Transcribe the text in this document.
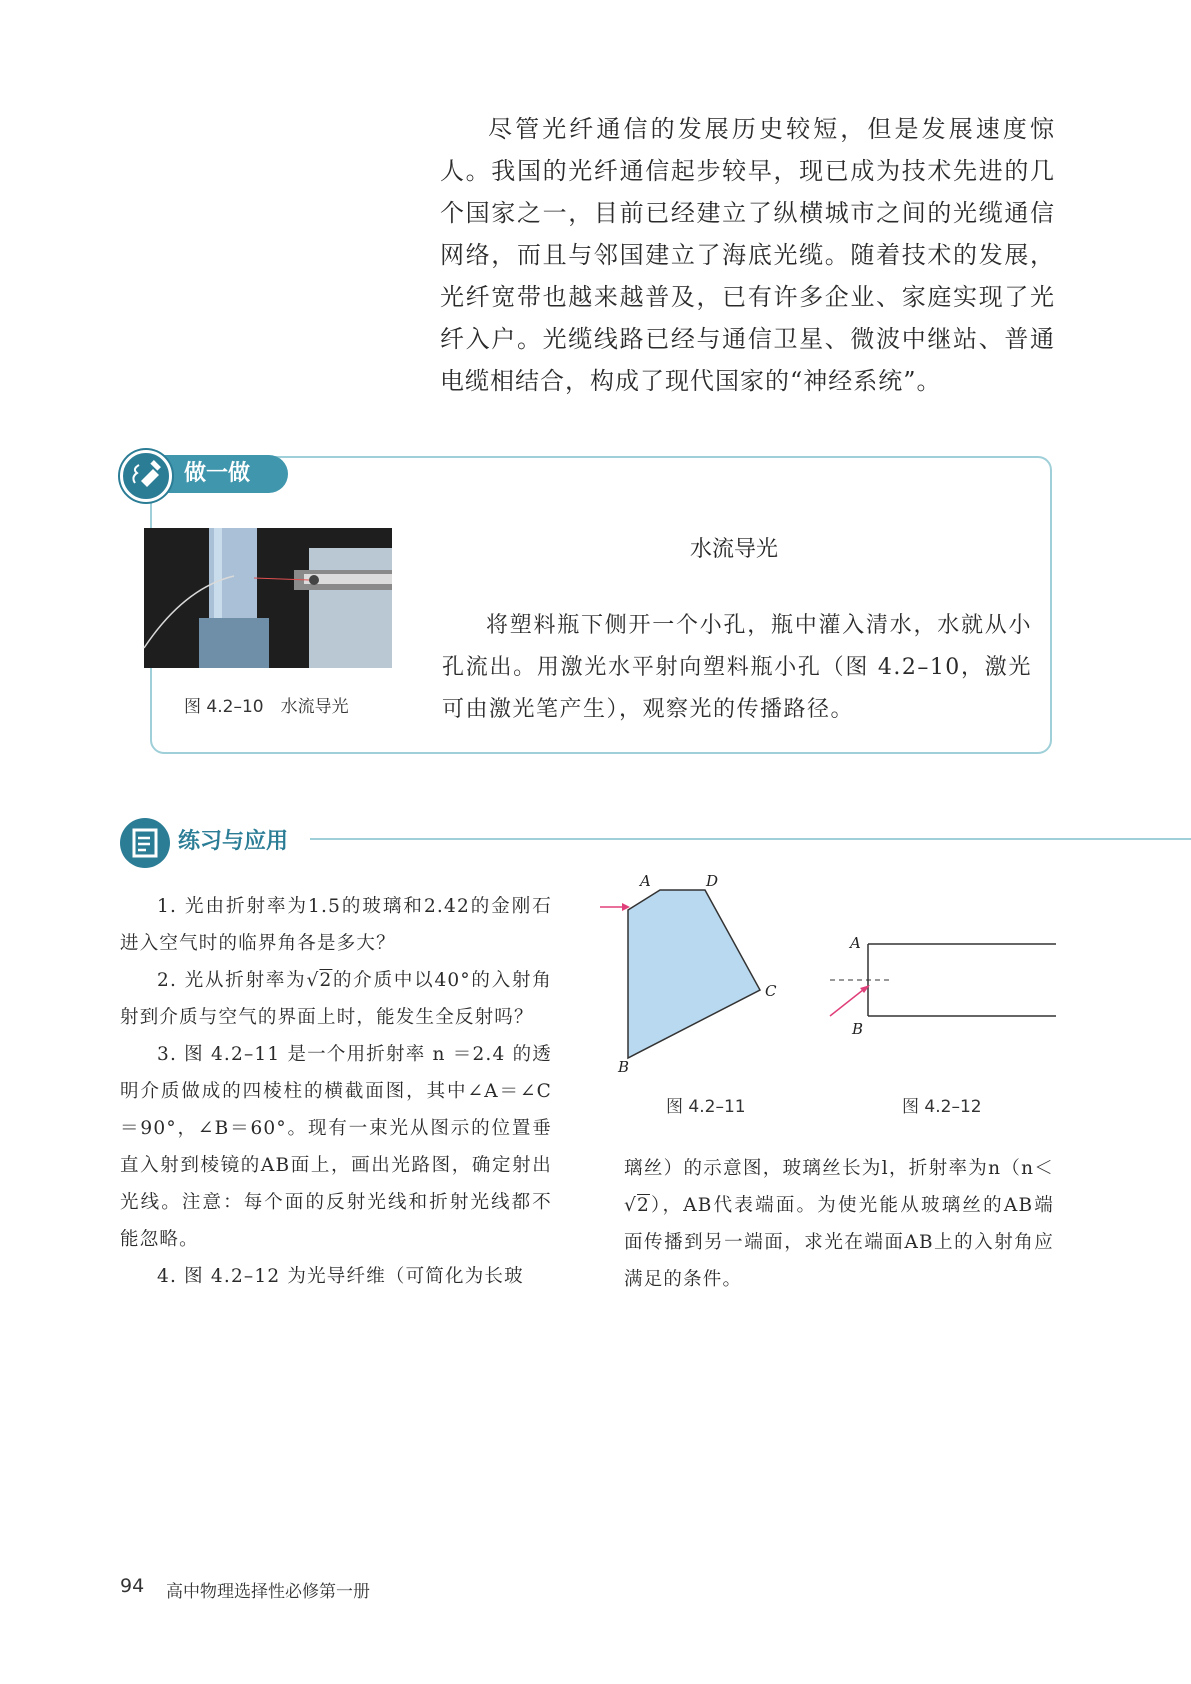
尽管光纤通信的发展历史较短，但是发展速度惊人。我国的光纤通信起步较早，现已成为技术先进的几个国家之一，目前已经建立了纵横城市之间的光缆通信网络，而且与邻国建立了海底光缆。随着技术的发展，光纤宽带也越来越普及，已有许多企业、家庭实现了光纤入户。光缆线路已经与通信卫星、微波中继站、普通电缆相结合，构成了现代国家的“神经系统”。

做一做
图 4.2–10　水流导光
水流导光

将塑料瓶下侧开一个小孔，瓶中灌入清水，水就从小孔流出。用激光水平射向塑料瓶小孔（图 4.2–10，激光可由激光笔产生），观察光的传播路径。

练习与应用

1. 光由折射率为1.5的玻璃和2.42的金刚石进入空气时的临界角各是多大？

2. 光从折射率为√2的介质中以40°的入射角射到介质与空气的界面上时，能发生全反射吗？

3. 图 4.2–11 是一个用折射率 n ＝2.4 的透明介质做成的四棱柱的横截面图，其中∠A＝∠C＝90°，∠B＝60°。现有一束光从图示的位置垂直入射到棱镜的AB面上，画出光路图，确定射出光线。注意：每个面的反射光线和折射光线都不能忽略。

4. 图 4.2–12 为光导纤维（可简化为长玻

A	D
C
B
图 4.2–11
A
B
图 4.2–12

璃丝）的示意图，玻璃丝长为l，折射率为n（n＜√2），AB代表端面。为使光能从玻璃丝的AB端面传播到另一端面，求光在端面AB上的入射角应满足的条件。

94 高中物理选择性必修第一册
